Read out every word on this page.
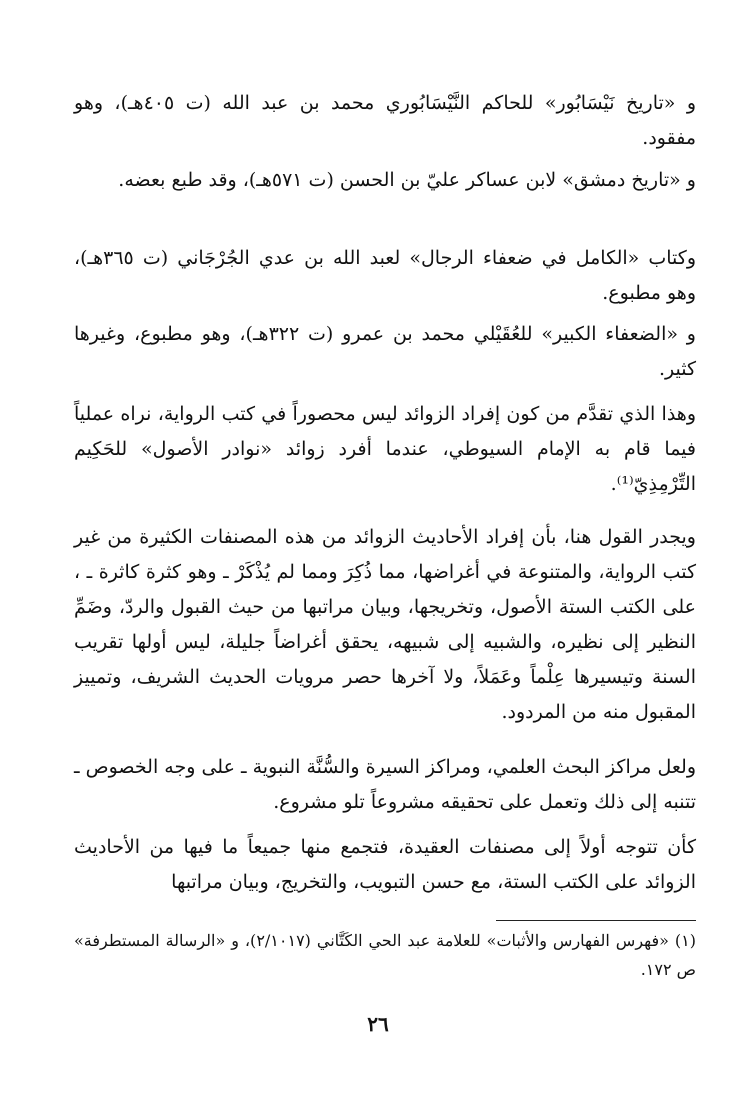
و «تاريخ نَيْسَابُور» للحاكم النَّيْسَابُوري محمد بن عبد الله (ت ٤٠٥هـ)، وهو مفقود.

و «تاريخ دمشق» لابن عساكر عليّ بن الحسن (ت ٥٧١هـ)، وقد طبع بعضه.

وكتاب «الكامل في ضعفاء الرجال» لعبد الله بن عدي الجُرْجَاني (ت ٣٦٥هـ)، وهو مطبوع.

و «الضعفاء الكبير» للعُقَيْلي محمد بن عمرو (ت ٣٢٢هـ)، وهو مطبوع، وغيرها كثير.

وهذا الذي تقدَّم من كون إفراد الزوائد ليس محصوراً في كتب الرواية، نراه عملياً فيما قام به الإمام السيوطي، عندما أفرد زوائد «نوادر الأصول» للحَكِيم التِّرْمِذِيّ⁽¹⁾.

ويجدر القول هنا، بأن إفراد الأحاديث الزوائد من هذه المصنفات الكثيرة من غير كتب الرواية، والمتنوعة في أغراضها، مما ذُكِرَ ومما لم يُذْكَرْ ـ وهو كثرة كاثرة ـ ، على الكتب الستة الأصول، وتخريجها، وبيان مراتبها من حيث القبول والردّ، وضَمِّ النظير إلى نظيره، والشبيه إلى شبيهه، يحقق أغراضاً جليلة، ليس أولها تقريب السنة وتيسيرها عِلْماً وعَمَلاً، ولا آخرها حصر مرويات الحديث الشريف، وتمييز المقبول منه من المردود.

ولعل مراكز البحث العلمي، ومراكز السيرة والسُّنَّة النبوية ـ على وجه الخصوص ـ تتنبه إلى ذلك وتعمل على تحقيقه مشروعاً تلو مشروع.

كأن تتوجه أولاً إلى مصنفات العقيدة، فتجمع منها جميعاً ما فيها من الأحاديث الزوائد على الكتب الستة، مع حسن التبويب، والتخريج، وبيان مراتبها

(١) «فهرس الفهارس والأثبات» للعلامة عبد الحي الكَتَّاني (٢/١٠١٧)، و «الرسالة المستطرفة» ص ١٧٢.

٢٦
